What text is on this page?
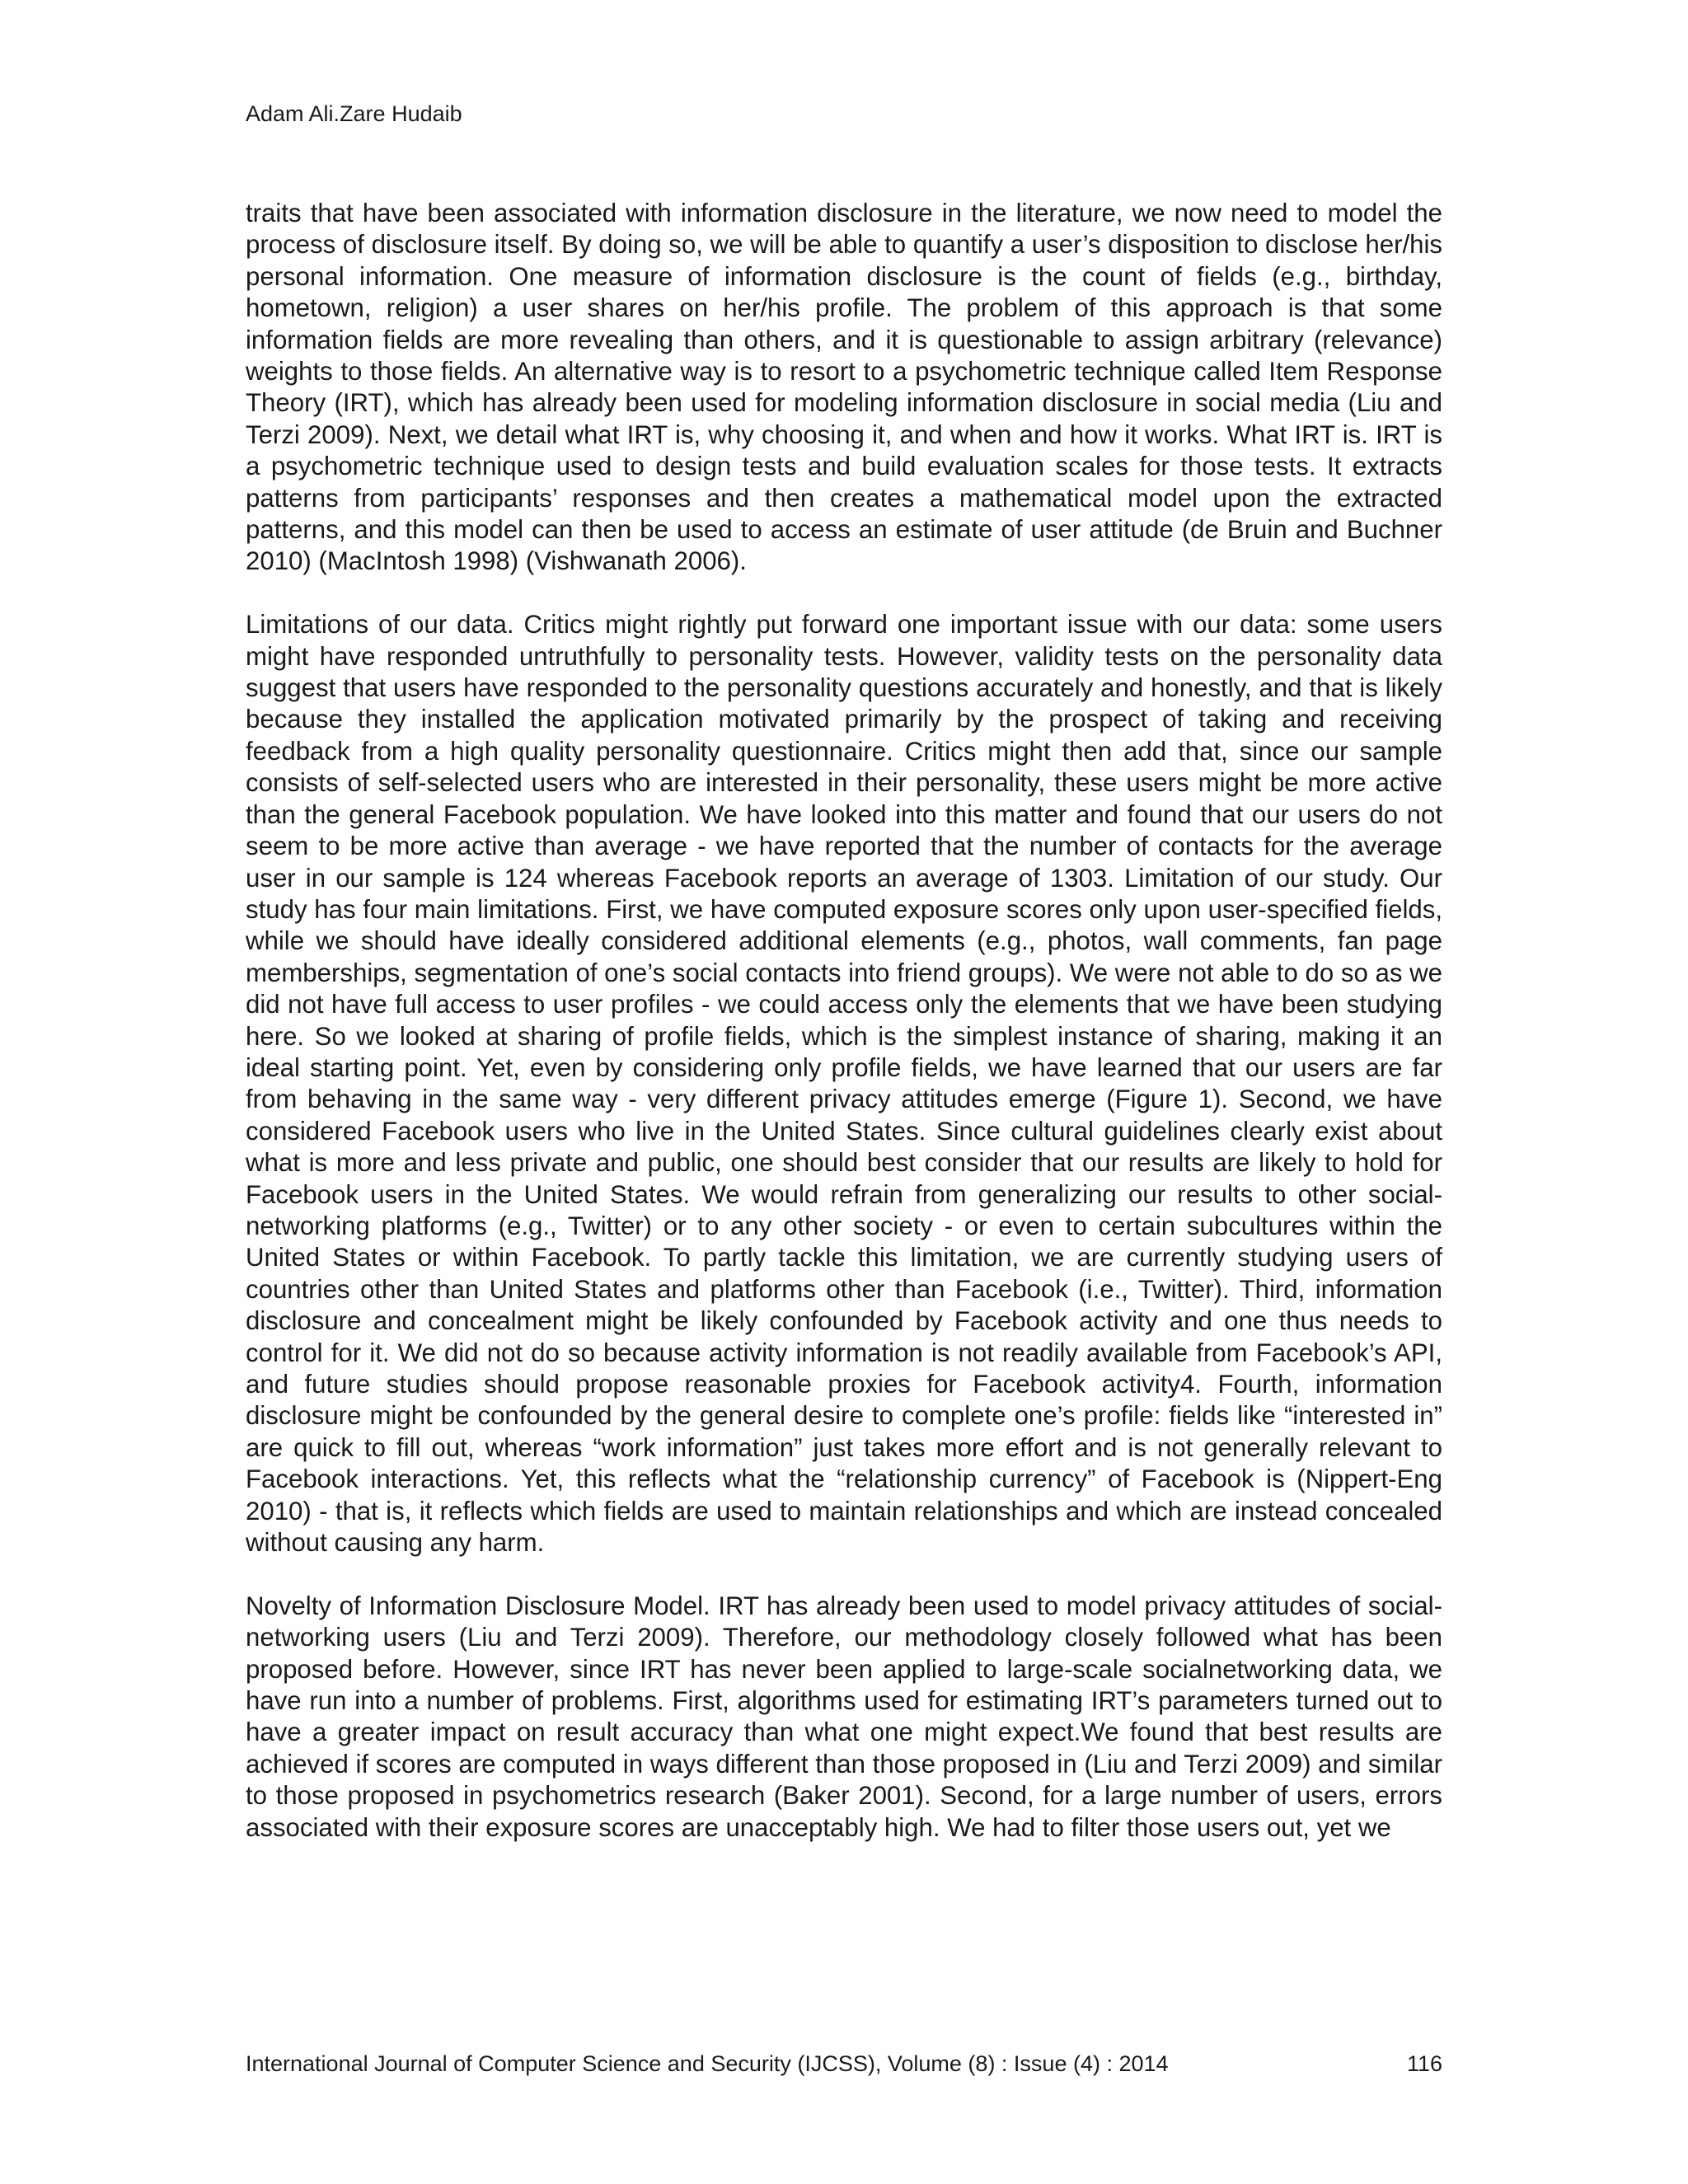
Adam Ali.Zare Hudaib

traits that have been associated with information disclosure in the literature, we now need to model the process of disclosure itself. By doing so, we will be able to quantify a user’s disposition to disclose her/his personal information. One measure of information disclosure is the count of fields (e.g., birthday, hometown, religion) a user shares on her/his profile. The problem of this approach is that some information fields are more revealing than others, and it is questionable to assign arbitrary (relevance) weights to those fields. An alternative way is to resort to a psychometric technique called Item Response Theory (IRT), which has already been used for modeling information disclosure in social media (Liu and Terzi 2009). Next, we detail what IRT is, why choosing it, and when and how it works. What IRT is. IRT is a psychometric technique used to design tests and build evaluation scales for those tests. It extracts patterns from participants’ responses and then creates a mathematical model upon the extracted patterns, and this model can then be used to access an estimate of user attitude (de Bruin and Buchner 2010) (MacIntosh 1998) (Vishwanath 2006).

Limitations of our data. Critics might rightly put forward one important issue with our data: some users might have responded untruthfully to personality tests. However, validity tests on the personality data suggest that users have responded to the personality questions accurately and honestly, and that is likely because they installed the application motivated primarily by the prospect of taking and receiving feedback from a high quality personality questionnaire. Critics might then add that, since our sample consists of self-selected users who are interested in their personality, these users might be more active than the general Facebook population. We have looked into this matter and found that our users do not seem to be more active than average - we have reported that the number of contacts for the average user in our sample is 124 whereas Facebook reports an average of 1303. Limitation of our study. Our study has four main limitations. First, we have computed exposure scores only upon user-specified fields, while we should have ideally considered additional elements (e.g., photos, wall comments, fan page memberships, segmentation of one’s social contacts into friend groups). We were not able to do so as we did not have full access to user profiles - we could access only the elements that we have been studying here. So we looked at sharing of profile fields, which is the simplest instance of sharing, making it an ideal starting point. Yet, even by considering only profile fields, we have learned that our users are far from behaving in the same way - very different privacy attitudes emerge (Figure 1). Second, we have considered Facebook users who live in the United States. Since cultural guidelines clearly exist about what is more and less private and public, one should best consider that our results are likely to hold for Facebook users in the United States. We would refrain from generalizing our results to other social-networking platforms (e.g., Twitter) or to any other society - or even to certain subcultures within the United States or within Facebook. To partly tackle this limitation, we are currently studying users of countries other than United States and platforms other than Facebook (i.e., Twitter). Third, information disclosure and concealment might be likely confounded by Facebook activity and one thus needs to control for it. We did not do so because activity information is not readily available from Facebook’s API, and future studies should propose reasonable proxies for Facebook activity4. Fourth, information disclosure might be confounded by the general desire to complete one’s profile: fields like “interested in” are quick to fill out, whereas “work information” just takes more effort and is not generally relevant to Facebook interactions. Yet, this reflects what the “relationship currency” of Facebook is (Nippert-Eng 2010) - that is, it reflects which fields are used to maintain relationships and which are instead concealed without causing any harm.

Novelty of Information Disclosure Model. IRT has already been used to model privacy attitudes of social-networking users (Liu and Terzi 2009). Therefore, our methodology closely followed what has been proposed before. However, since IRT has never been applied to large-scale socialnetworking data, we have run into a number of problems. First, algorithms used for estimating IRT’s parameters turned out to have a greater impact on result accuracy than what one might expect.We found that best results are achieved if scores are computed in ways different than those proposed in (Liu and Terzi 2009) and similar to those proposed in psychometrics research (Baker 2001). Second, for a large number of users, errors associated with their exposure scores are unacceptably high. We had to filter those users out, yet we

International Journal of Computer Science and Security (IJCSS), Volume (8) : Issue (4) : 2014	116
